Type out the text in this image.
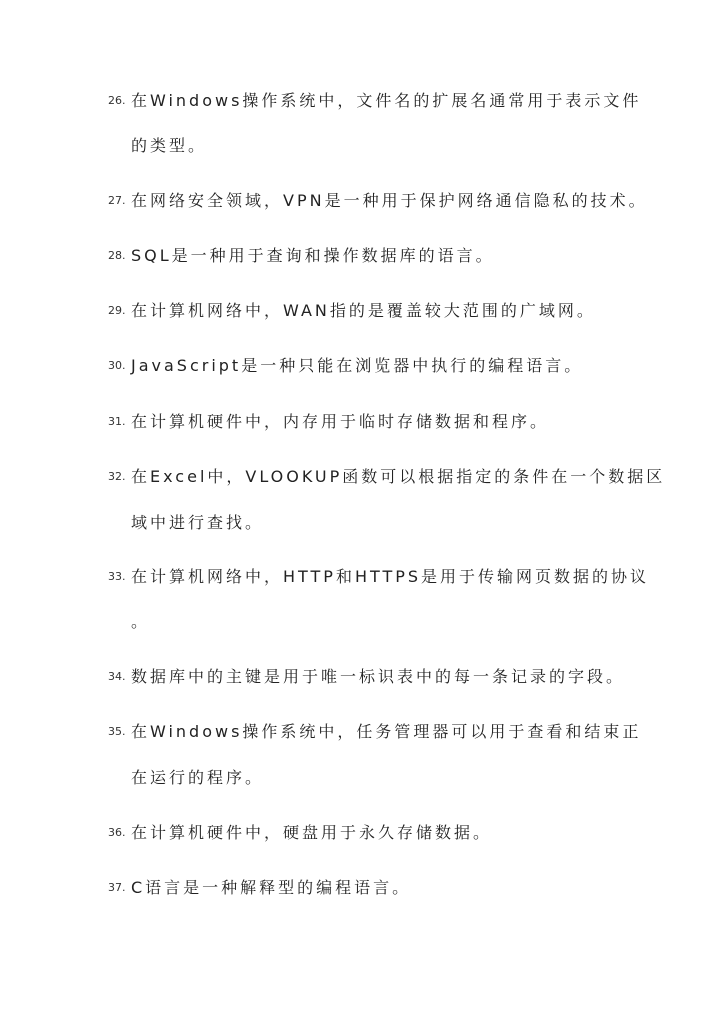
26. 在Windows操作系统中，文件名的扩展名通常用于表示文件
的类型。
27. 在网络安全领域，VPN是一种用于保护网络通信隐私的技术。
28. SQL是一种用于查询和操作数据库的语言。
29. 在计算机网络中，WAN指的是覆盖较大范围的广域网。
30. JavaScript是一种只能在浏览器中执行的编程语言。
31. 在计算机硬件中，内存用于临时存储数据和程序。
32. 在Excel中，VLOOKUP函数可以根据指定的条件在一个数据区
域中进行查找。
33. 在计算机网络中，HTTP和HTTPS是用于传输网页数据的协议
。
34. 数据库中的主键是用于唯一标识表中的每一条记录的字段。
35. 在Windows操作系统中，任务管理器可以用于查看和结束正
在运行的程序。
36. 在计算机硬件中，硬盘用于永久存储数据。
37. C语言是一种解释型的编程语言。
